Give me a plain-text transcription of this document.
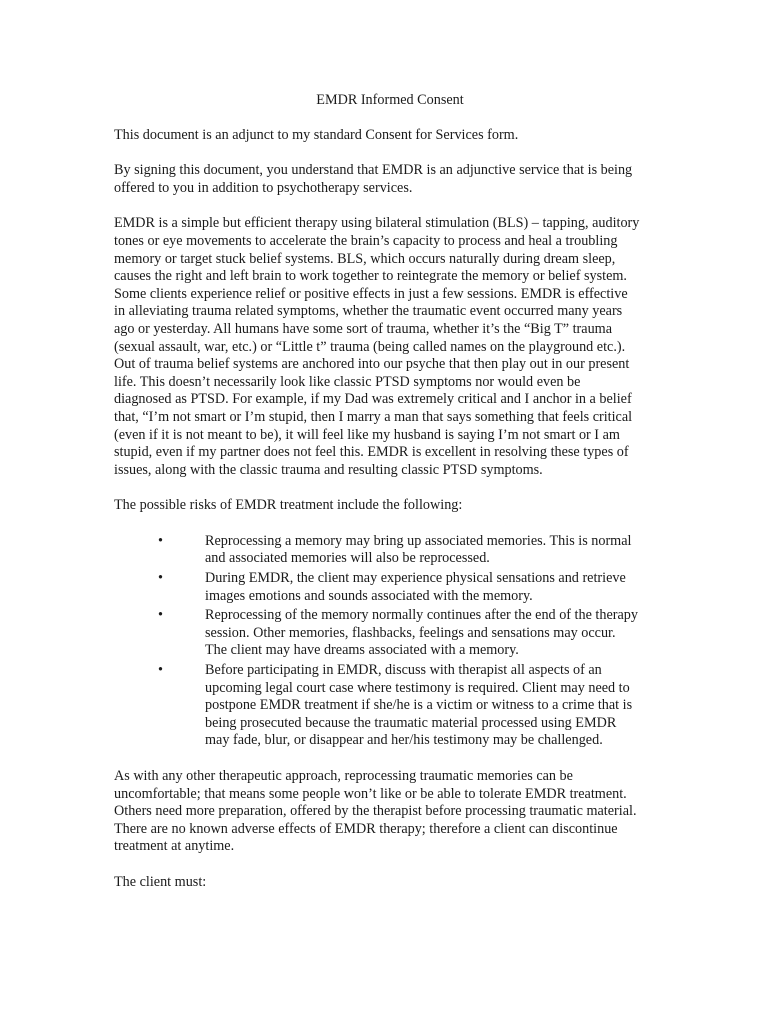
EMDR Informed Consent

This document is an adjunct to my standard Consent for Services form.

By signing this document, you understand that EMDR is an adjunctive service that is being offered to you in addition to psychotherapy services.

EMDR is a simple but efficient therapy using bilateral stimulation (BLS) – tapping, auditory tones or eye movements to accelerate the brain’s capacity to process and heal a troubling memory or target stuck belief systems. BLS, which occurs naturally during dream sleep, causes the right and left brain to work together to reintegrate the memory or belief system. Some clients experience relief or positive effects in just a few sessions. EMDR is effective in alleviating trauma related symptoms, whether the traumatic event occurred many years ago or yesterday. All humans have some sort of trauma, whether it’s the “Big T” trauma (sexual assault, war, etc.) or “Little t” trauma (being called names on the playground etc.). Out of trauma belief systems are anchored into our psyche that then play out in our present life. This doesn’t necessarily look like classic PTSD symptoms nor would even be diagnosed as PTSD. For example, if my Dad was extremely critical and I anchor in a belief that, “I’m not smart or I’m stupid, then I marry a man that says something that feels critical (even if it is not meant to be), it will feel like my husband is saying I’m not smart or I am stupid, even if my partner does not feel this. EMDR is excellent in resolving these types of issues, along with the classic trauma and resulting classic PTSD symptoms.

The possible risks of EMDR treatment include the following:

•	Reprocessing a memory may bring up associated memories. This is normal and associated memories will also be reprocessed.
•	During EMDR, the client may experience physical sensations and retrieve images emotions and sounds associated with the memory.
•	Reprocessing of the memory normally continues after the end of the therapy session. Other memories, flashbacks, feelings and sensations may occur. The client may have dreams associated with a memory.
•	Before participating in EMDR, discuss with therapist all aspects of an upcoming legal court case where testimony is required. Client may need to postpone EMDR treatment if she/he is a victim or witness to a crime that is being prosecuted because the traumatic material processed using EMDR may fade, blur, or disappear and her/his testimony may be challenged.

As with any other therapeutic approach, reprocessing traumatic memories can be uncomfortable; that means some people won’t like or be able to tolerate EMDR treatment. Others need more preparation, offered by the therapist before processing traumatic material. There are no known adverse effects of EMDR therapy; therefore a client can discontinue treatment at anytime.

The client must:
